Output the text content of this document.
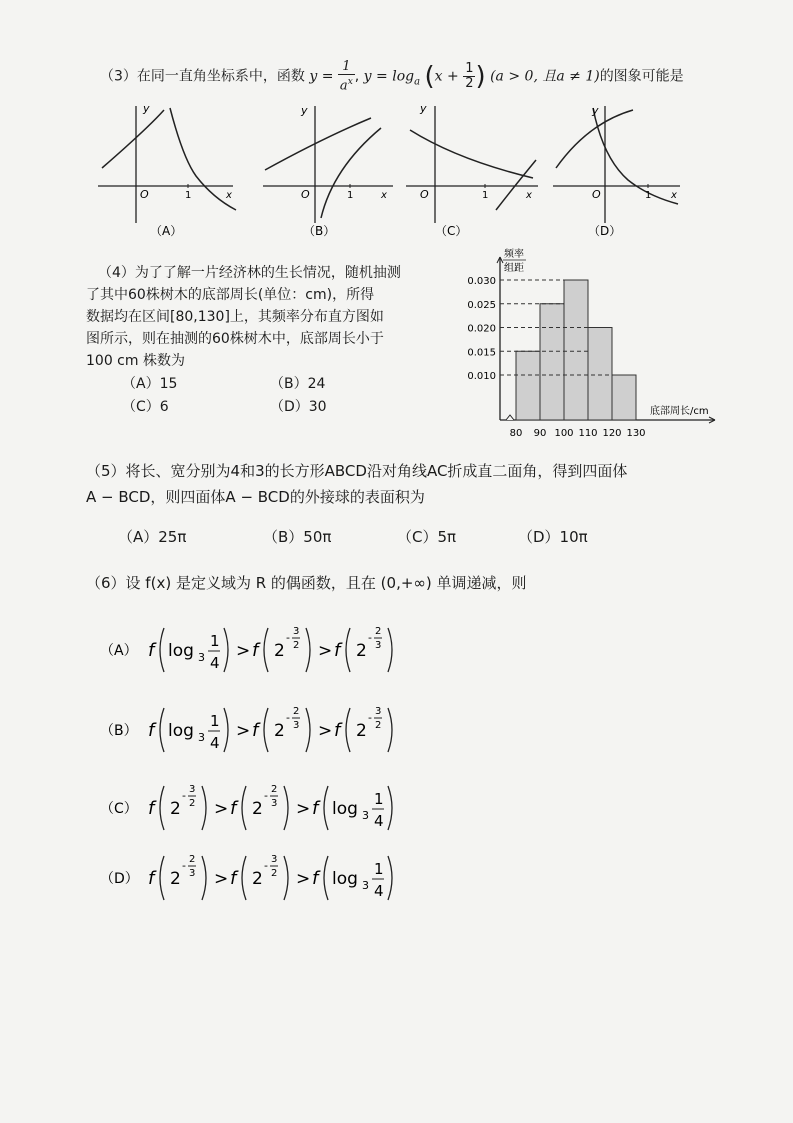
（3）在同一直角坐标系中，函数 $y = \frac{1}{a^x}$ , $y = \log_a (x + \frac{1}{2}$ ) (a > 0, 且a ≠ 1)的图象可能是
y
O	1	x
（A）
y
O	1	x
（B）
y
O	1	x
（C）
y
O	1 x
（D）
（4）为了了解一片经济林的生长情况，随机抽测
了其中60株树木的底部周长(单位：cm)，所得
数据均在区间[80,130]上，其频率分布直方图如
图所示，则在抽测的60株树木中，底部周长小于
100 cm 株数为
（A）15	（B）24
（C）6	（D）30
0.010
0.015
0.020
0.025
0.030
80 90 100 110 120 130
频率
组距
底部周长/cm
（5）将长、宽分别为4和3的长方形ABCD沿对角线AC折成直二面角，得到四面体
A − BCD，则四面体A − BCD的外接球的表面积为
（A）25π	（B）50π	（C）5π	（D）10π
（6）设 f(x) 是定义域为 R 的偶函数，且在 (0,+∞) 单调递减，则
（A） f log 3
1
4
> f 2
- 3
2 > f 2
- 2
3
（B） f log 3
1
4
> f 2
- 2
3 > f 2
- 3
2
（C） f 2
- 3
2 > f 2
- 2
3 > f log 3
1
4
（D） f 2
- 2
3 > f 2
- 3
2 > f log 3
1
4
